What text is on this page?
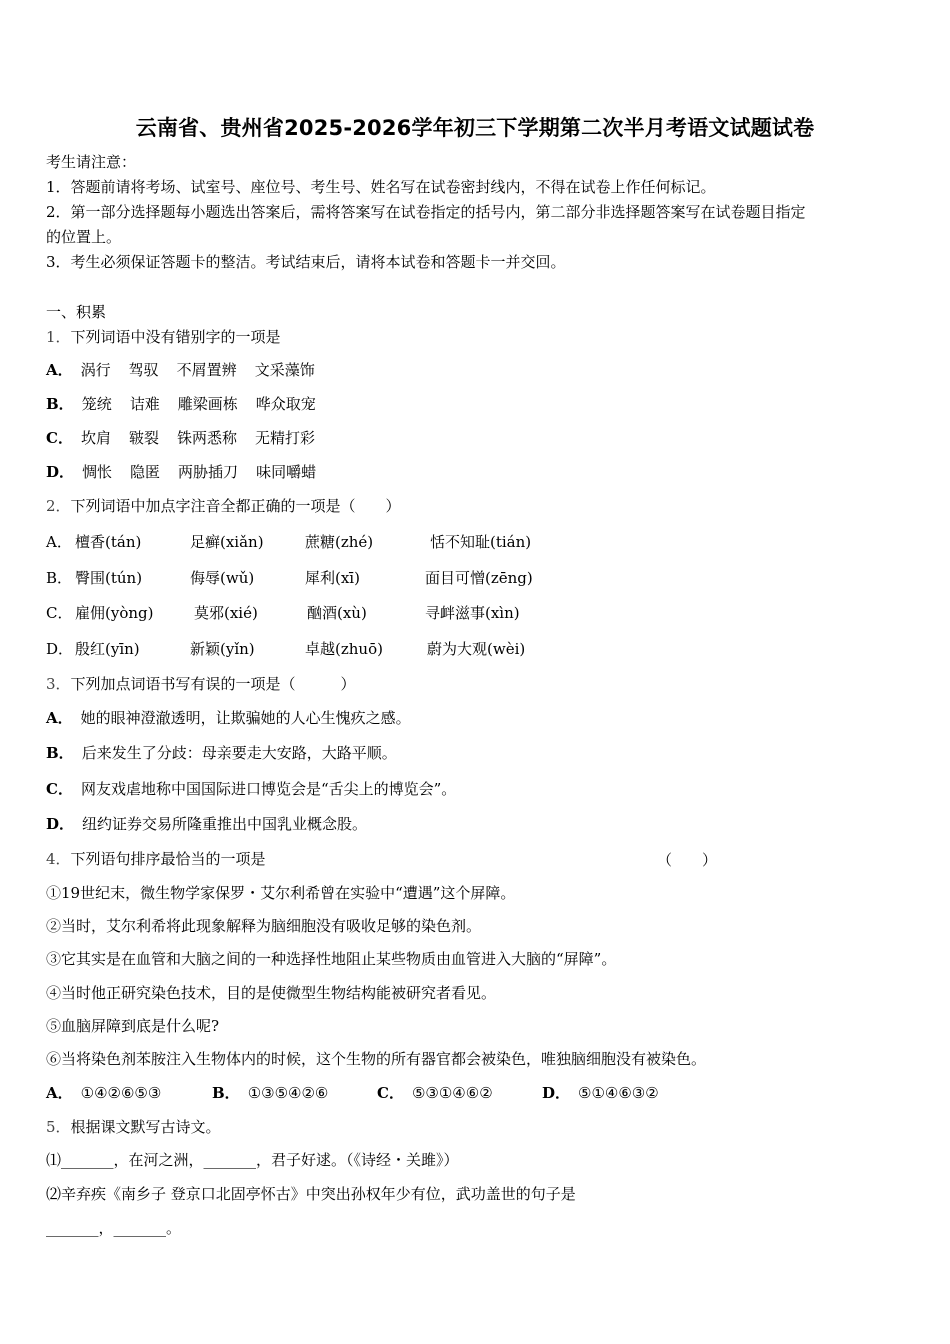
云南省、贵州省2025-2026学年初三下学期第二次半月考语文试题试卷
考生请注意：
1．答题前请将考场、试室号、座位号、考生号、姓名写在试卷密封线内，不得在试卷上作任何标记。
2．第一部分选择题每小题选出答案后，需将答案写在试卷指定的括号内，第二部分非选择题答案写在试卷题目指定
的位置上。
3．考生必须保证答题卡的整洁。考试结束后，请将本试卷和答题卡一并交回。
一、积累
1．下列词语中没有错别字的一项是
A． 涡行 驾驭 不屑置辨 文采藻饰
B． 笼统 诘难 雕梁画栋 哗众取宠
C． 坎肩 皲裂 铢两悉称 无精打彩
D． 惆怅 隐匿 两胁插刀 味同嚼蜡
2．下列词语中加点字注音全都正确的一项是（　　）
A． 檀香(tán)	足癣(xiǎn)	蔗糖(zhé)	恬不知耻(tián)
B． 臀围(tún)	侮辱(wǔ)	犀利(xī)	面目可憎(zēng)
C． 雇佣(yòng)	莫邪(xié)	酗酒(xù)	寻衅滋事(xìn)
D． 殷红(yīn)	新颖(yǐn)	卓越(zhuō)	蔚为大观(wèi)
3．下列加点词语书写有误的一项是（　　　）
A． 她的眼神澄澈透明，让欺骗她的人心生愧疚之感。
B． 后来发生了分歧：母亲要走大安路，大路平顺。
C． 网友戏虐地称中国国际进口博览会是“舌尖上的博览会”。
D． 纽约证券交易所隆重推出中国乳业概念股。
4．下列语句排序最恰当的一项是	（　　）
①19世纪末，微生物学家保罗・艾尔利希曾在实验中“遭遇”这个屏障。
②当时，艾尔利希将此现象解释为脑细胞没有吸收足够的染色剂。
③它其实是在血管和大脑之间的一种选择性地阻止某些物质由血管进入大脑的“屏障”。
④当时他正研究染色技术，目的是使微型生物结构能被研究者看见。
⑤血脑屏障到底是什么呢?
⑥当将染色剂苯胺注入生物体内的时候，这个生物的所有器官都会被染色，唯独脑细胞没有被染色。
A． ①④②⑥⑤③	B． ①③⑤④②⑥	C． ⑤③①④⑥②	D． ⑤①④⑥③②
5．根据课文默写古诗文。
⑴_______，在河之洲，_______，君子好逑。（《诗经・关雎》）
⑵辛弃疾《南乡子 登京口北固亭怀古》中突出孙权年少有位，武功盖世的句子是
_______，_______。
